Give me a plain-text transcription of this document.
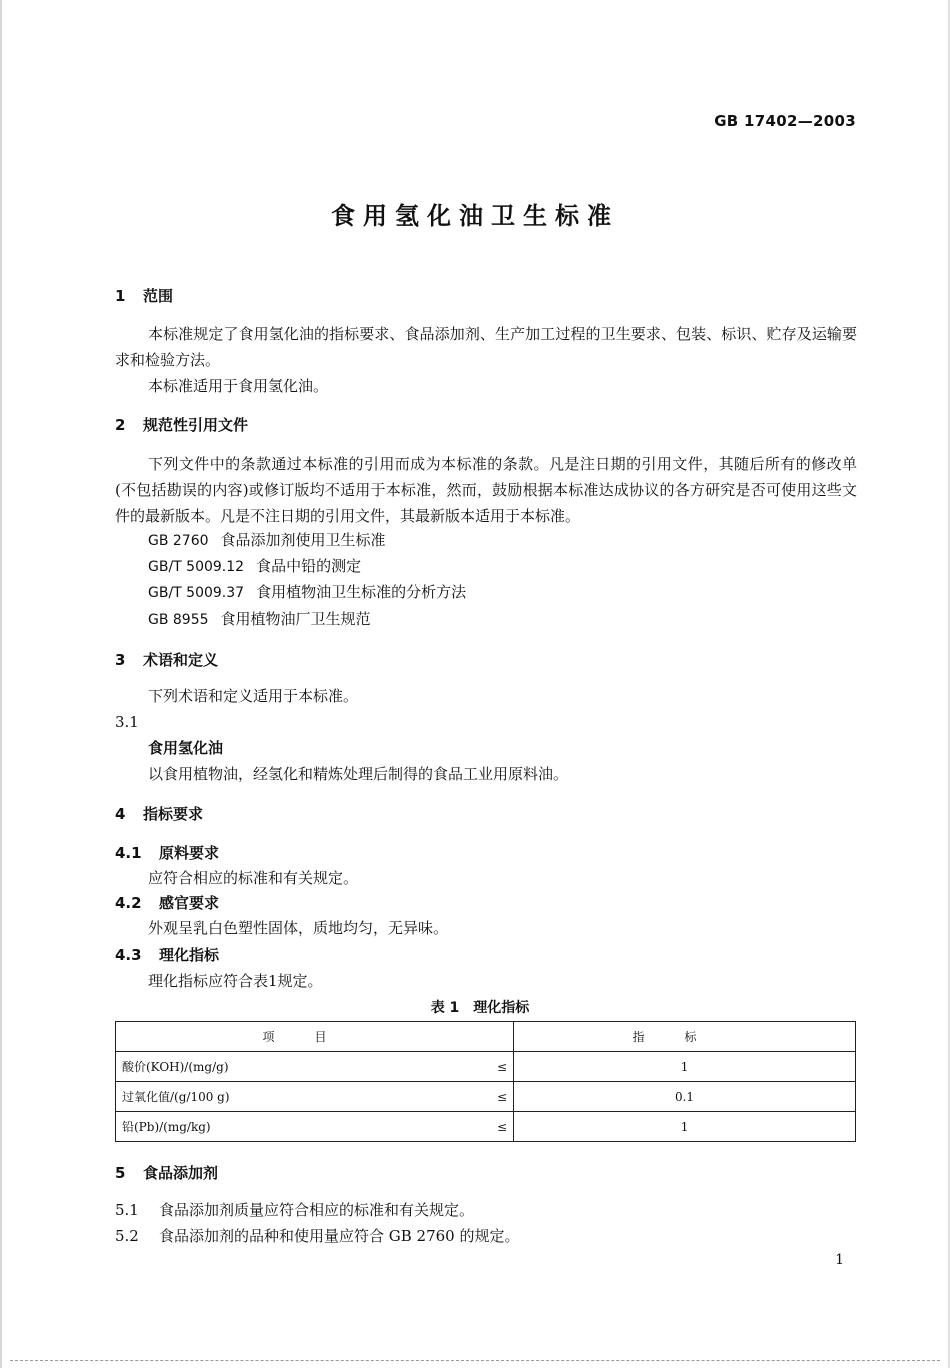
GB 17402—2003
食用氢化油卫生标准
1 范围
本标准规定了食用氢化油的指标要求、食品添加剂、生产加工过程的卫生要求、包装、标识、贮存及运输要求和检验方法。
本标准适用于食用氢化油。
2 规范性引用文件
下列文件中的条款通过本标准的引用而成为本标准的条款。凡是注日期的引用文件，其随后所有的修改单(不包括勘误的内容)或修订版均不适用于本标准，然而，鼓励根据本标准达成协议的各方研究是否可使用这些文件的最新版本。凡是不注日期的引用文件，其最新版本适用于本标准。
GB 2760 食品添加剂使用卫生标准
GB/T 5009.12 食品中铅的测定
GB/T 5009.37 食用植物油卫生标准的分析方法
GB 8955 食用植物油厂卫生规范
3 术语和定义
下列术语和定义适用于本标准。
3.1
食用氢化油
以食用植物油，经氢化和精炼处理后制得的食品工业用原料油。
4 指标要求
4.1 原料要求
应符合相应的标准和有关规定。
4.2 感官要求
外观呈乳白色塑性固体，质地均匀，无异味。
4.3 理化指标
理化指标应符合表1规定。
表 1　理化指标
项目		指标
酸价(KOH)/(mg/g)	≤	1
过氧化值/(g/100 g)	≤	0.1
铅(Pb)/(mg/kg)	≤	1
5 食品添加剂
5.1 食品添加剂质量应符合相应的标准和有关规定。
5.2 食品添加剂的品种和使用量应符合 GB 2760 的规定。
1
